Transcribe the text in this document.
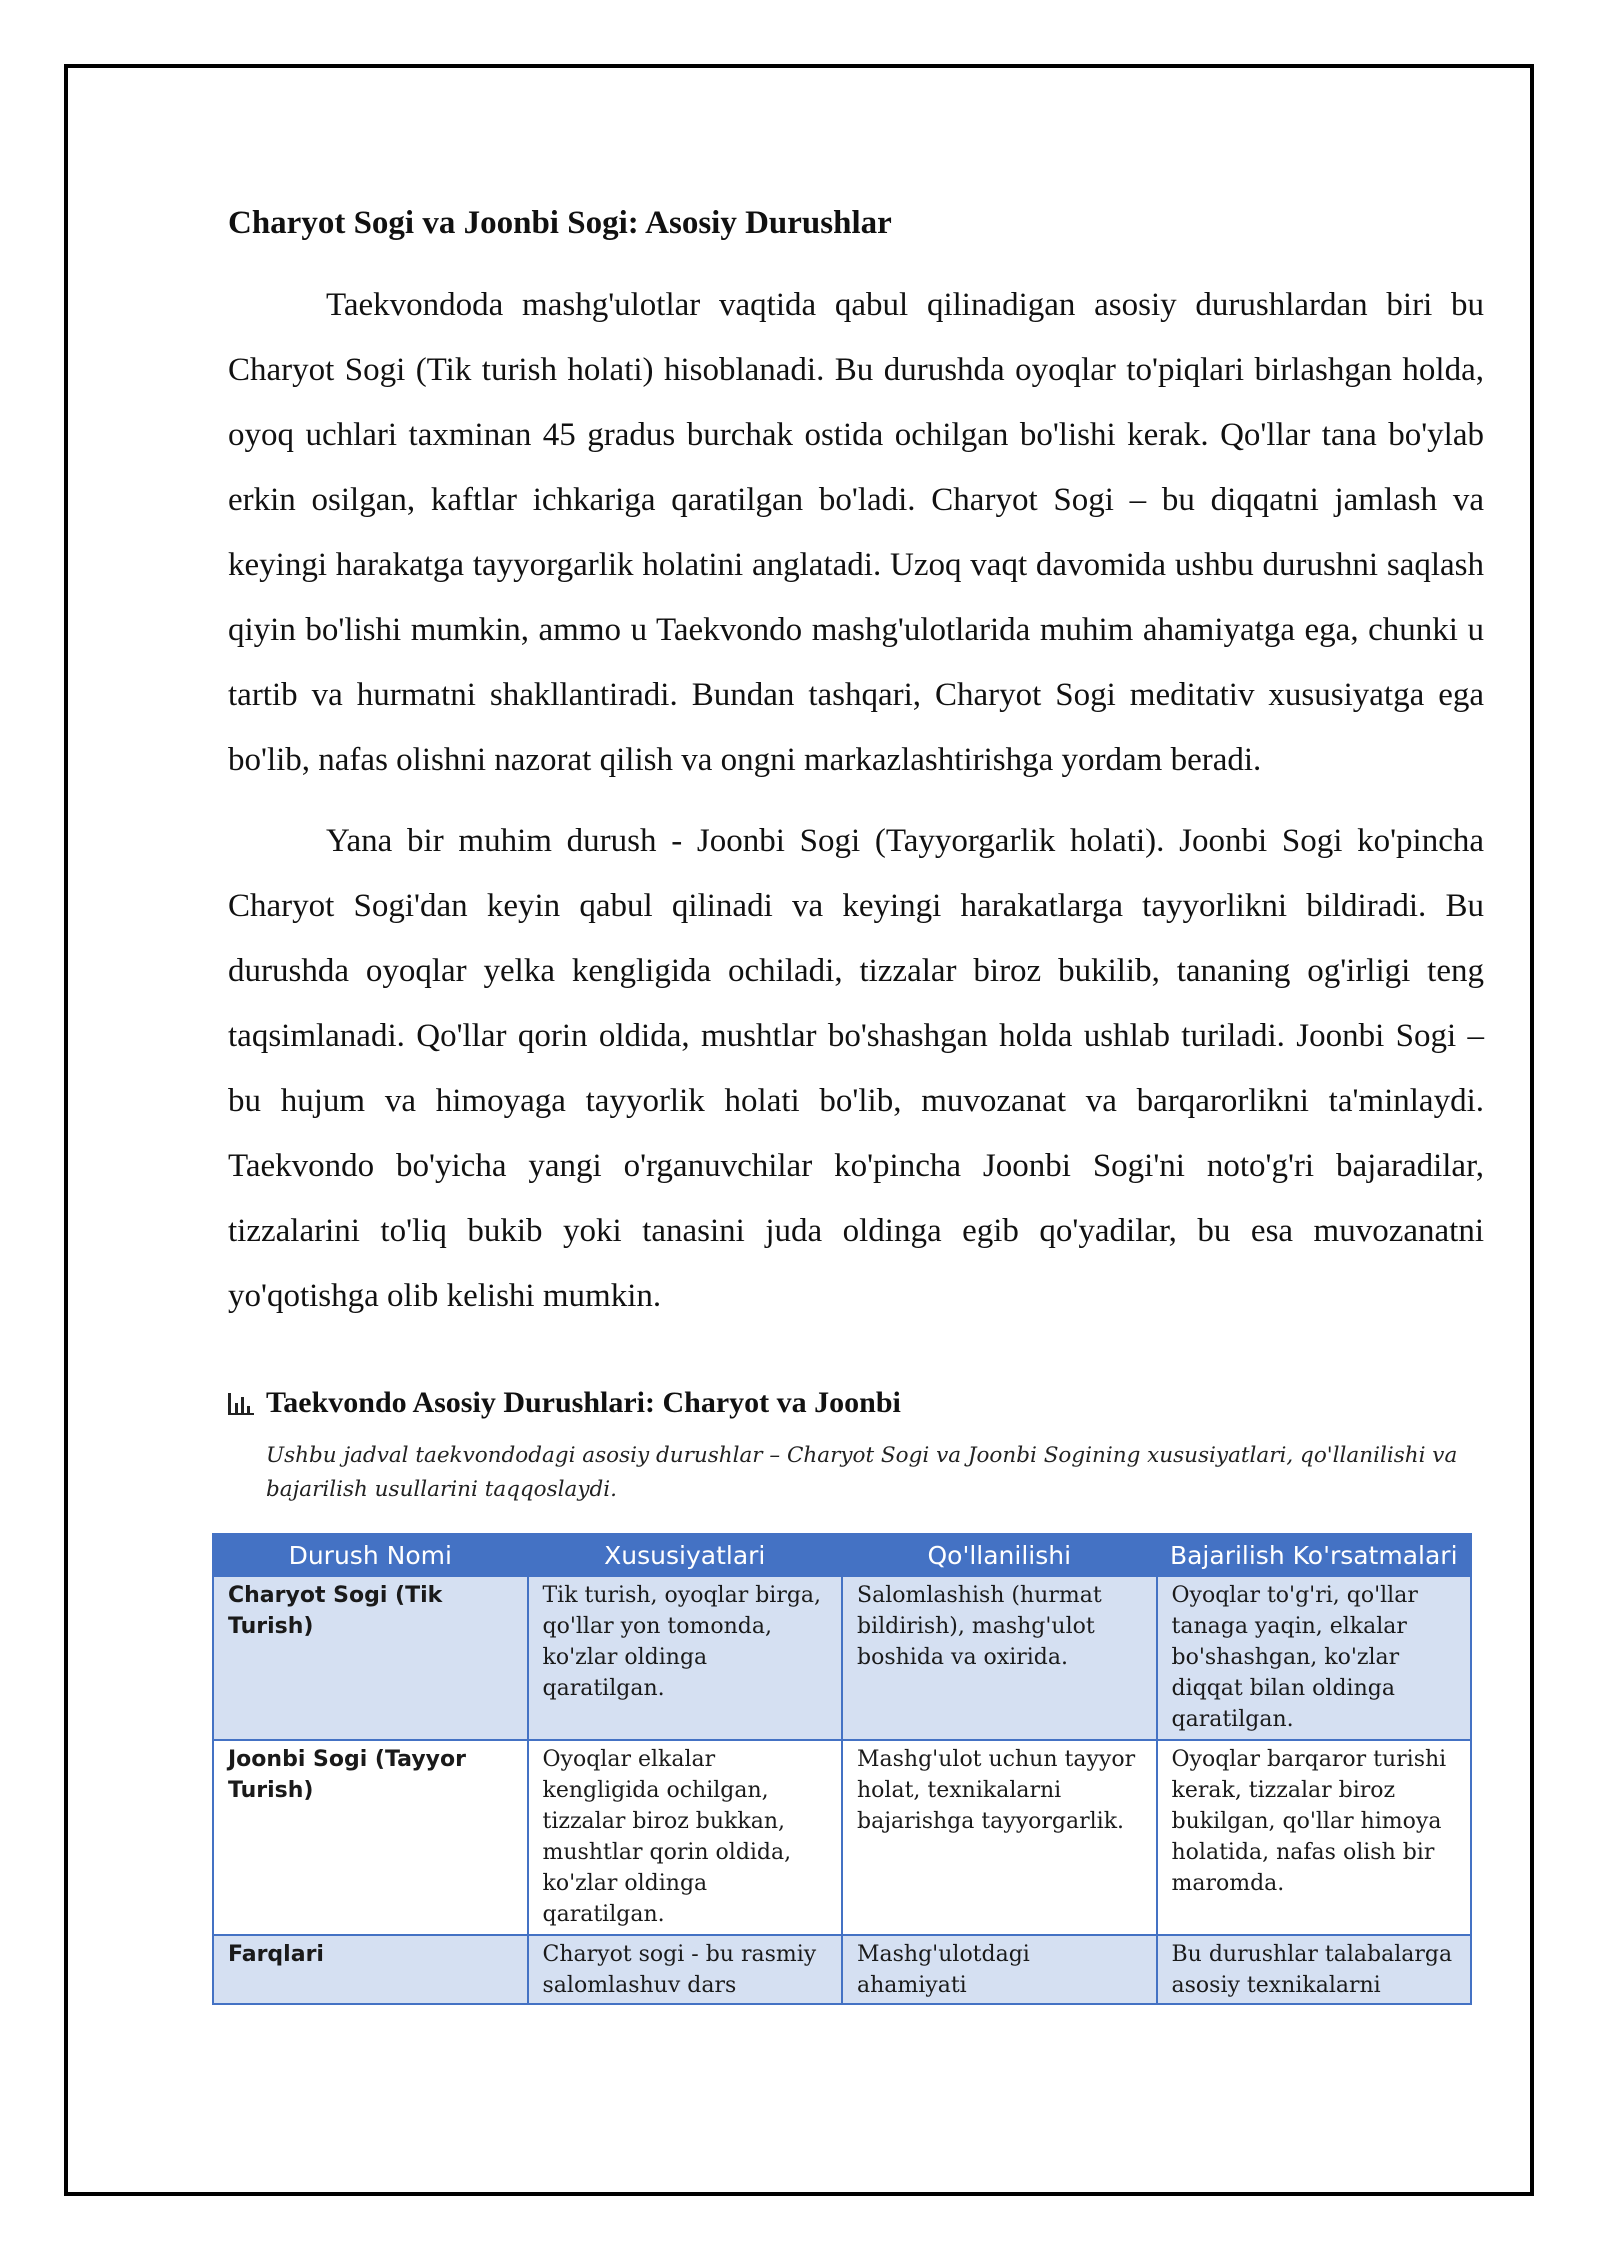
Charyot Sogi va Joonbi Sogi: Asosiy Durushlar

Taekvondoda mashg'ulotlar vaqtida qabul qilinadigan asosiy durushlardan biri bu Charyot Sogi (Tik turish holati) hisoblanadi. Bu durushda oyoqlar to'piqlari birlashgan holda, oyoq uchlari taxminan 45 gradus burchak ostida ochilgan bo'lishi kerak. Qo'llar tana bo'ylab erkin osilgan, kaftlar ichkariga qaratilgan bo'ladi. Charyot Sogi – bu diqqatni jamlash va keyingi harakatga tayyorgarlik holatini anglatadi. Uzoq vaqt davomida ushbu durushni saqlash qiyin bo'lishi mumkin, ammo u Taekvondo mashg'ulotlarida muhim ahamiyatga ega, chunki u tartib va hurmatni shakllantiradi. Bundan tashqari, Charyot Sogi meditativ xususiyatga ega bo'lib, nafas olishni nazorat qilish va ongni markazlashtirishga yordam beradi.

Yana bir muhim durush - Joonbi Sogi (Tayyorgarlik holati). Joonbi Sogi ko'pincha Charyot Sogi'dan keyin qabul qilinadi va keyingi harakatlarga tayyorlikni bildiradi. Bu durushda oyoqlar yelka kengligida ochiladi, tizzalar biroz bukilib, tananing og'irligi teng taqsimlanadi. Qo'llar qorin oldida, mushtlar bo'shashgan holda ushlab turiladi. Joonbi Sogi – bu hujum va himoyaga tayyorlik holati bo'lib, muvozanat va barqarorlikni ta'minlaydi. Taekvondo bo'yicha yangi o'rganuvchilar ko'pincha Joonbi Sogi'ni noto'g'ri bajaradilar, tizzalarini to'liq bukib yoki tanasini juda oldinga egib qo'yadilar, bu esa muvozanatni yo'qotishga olib kelishi mumkin.

Taekvondo Asosiy Durushlari: Charyot va Joonbi
Ushbu jadval taekvondodagi asosiy durushlar – Charyot Sogi va Joonbi Sogining xususiyatlari, qo'llanilishi va bajarilish usullarini taqqoslaydi.
Durush Nomi	Xususiyatlari	Qo'llanilishi	Bajarilish Ko'rsatmalari
Charyot Sogi (Tik Turish)	Tik turish, oyoqlar birga, qo'llar yon tomonda, ko'zlar oldinga qaratilgan.	Salomlashish (hurmat bildirish), mashg'ulot boshida va oxirida.	Oyoqlar to'g'ri, qo'llar tanaga yaqin, elkalar bo'shashgan, ko'zlar diqqat bilan oldinga qaratilgan.
Joonbi Sogi (Tayyor Turish)	Oyoqlar elkalar kengligida ochilgan, tizzalar biroz bukkan, mushtlar qorin oldida, ko'zlar oldinga qaratilgan.	Mashg'ulot uchun tayyor holat, texnikalarni bajarishga tayyorgarlik.	Oyoqlar barqaror turishi kerak, tizzalar biroz bukilgan, qo'llar himoya holatida, nafas olish bir maromda.

Farqlari	Charyot sogi - bu rasmiy salomlashuv dars	Mashg'ulotdagi ahamiyati	Bu durushlar talabalarga asosiy texnikalarni
